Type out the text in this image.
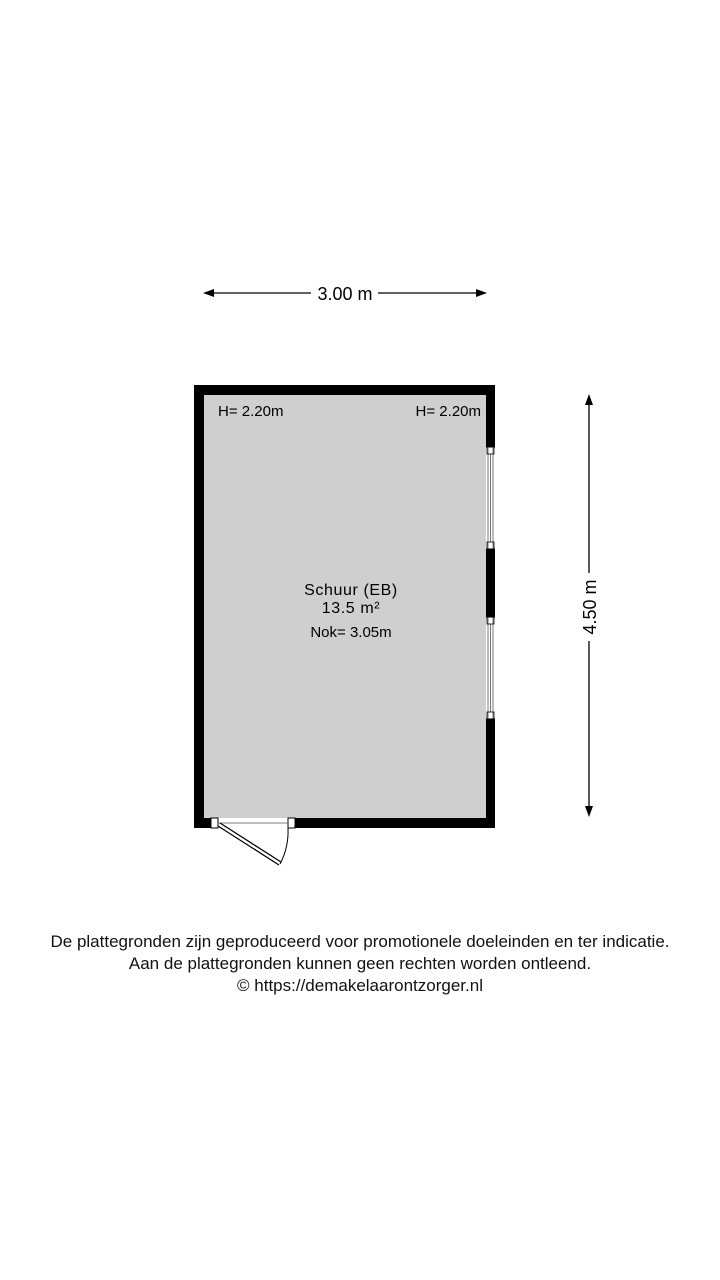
3.00 m
4.50 m
H= 2.20m	H= 2.20m
Schuur (EB)
13.5 m²
Nok= 3.05m
De plattegronden zijn geproduceerd voor promotionele doeleinden en ter indicatie.
Aan de plattegronden kunnen geen rechten worden ontleend.
© https://demakelaarontzorger.nl
